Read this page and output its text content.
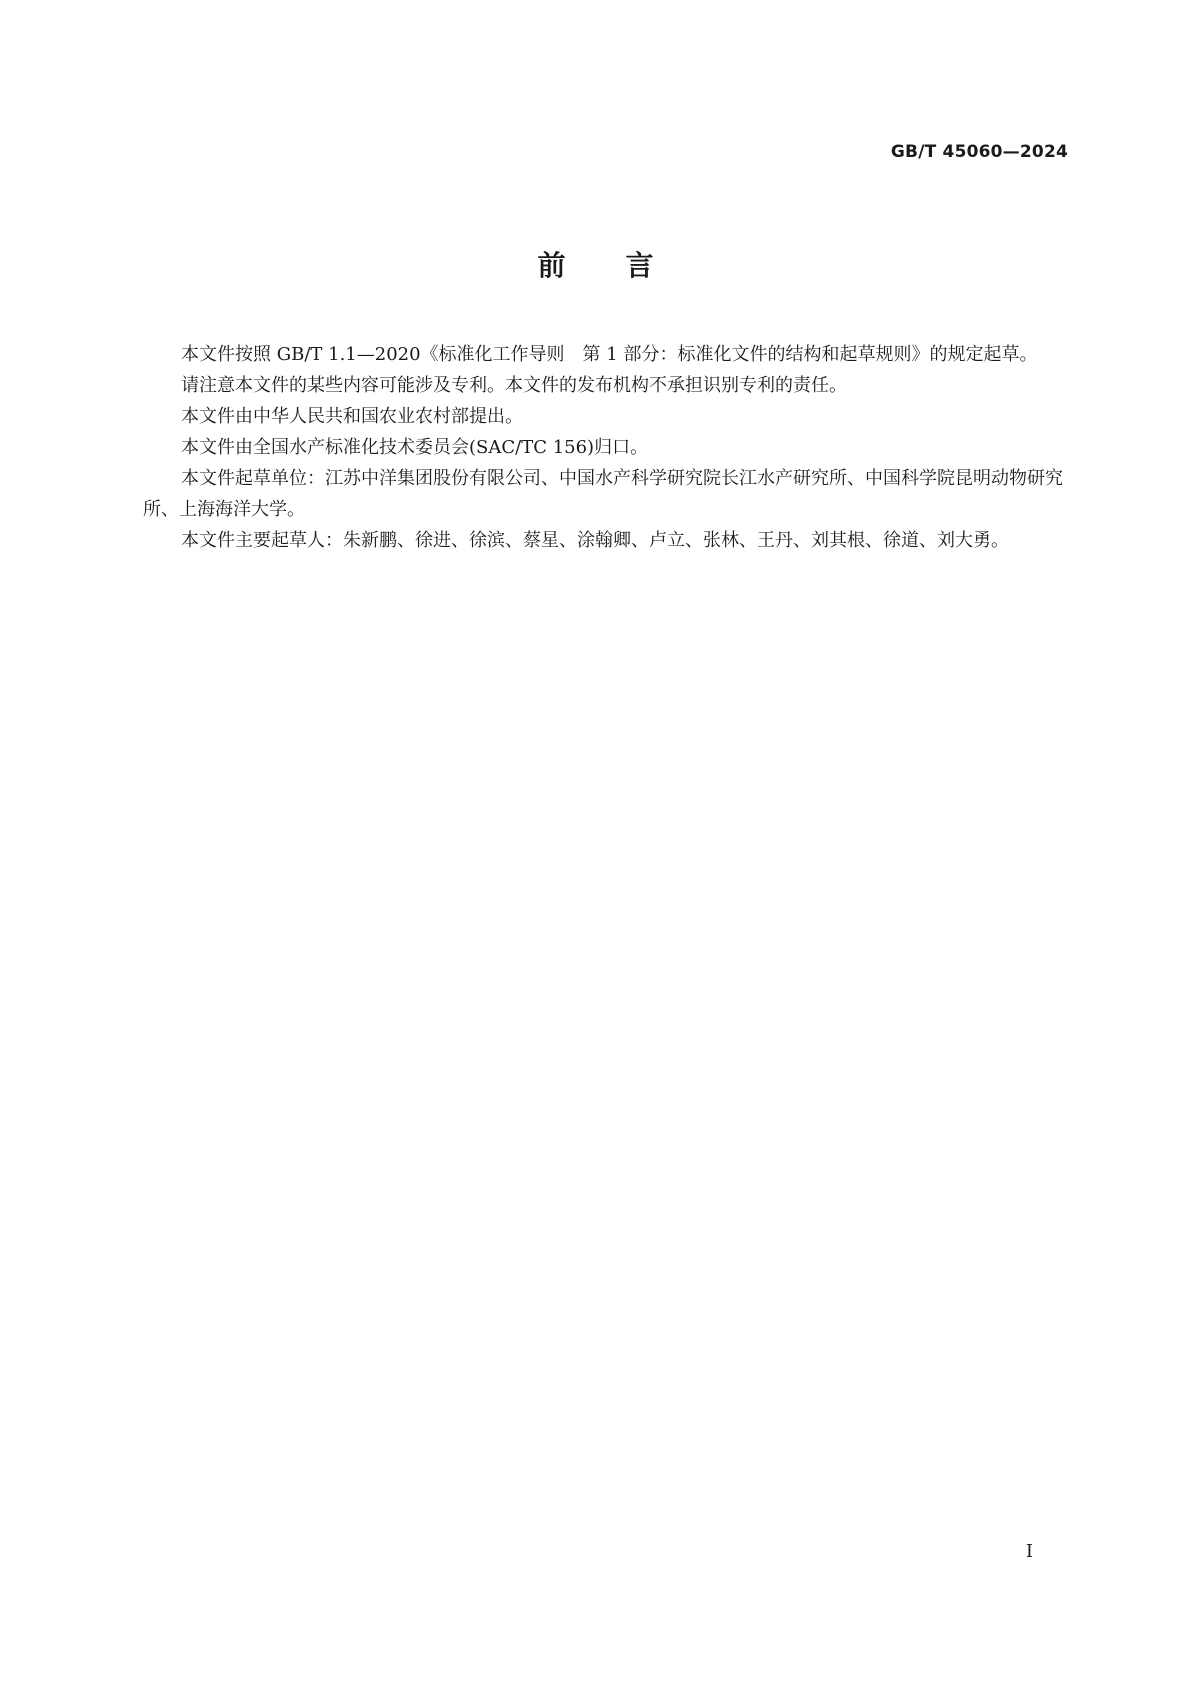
GB/T 45060—2024
前言

本文件按照 GB/T 1.1—2020《标准化工作导则　第 1 部分：标准化文件的结构和起草规则》的规定起草。

请注意本文件的某些内容可能涉及专利。本文件的发布机构不承担识别专利的责任。

本文件由中华人民共和国农业农村部提出。

本文件由全国水产标准化技术委员会(SAC/TC 156)归口。

本文件起草单位：江苏中洋集团股份有限公司、中国水产科学研究院长江水产研究所、中国科学院昆明动物研究所、上海海洋大学。

本文件主要起草人：朱新鹏、徐进、徐滨、蔡星、涂翰卿、卢立、张林、王丹、刘其根、徐道、刘大勇。

I
